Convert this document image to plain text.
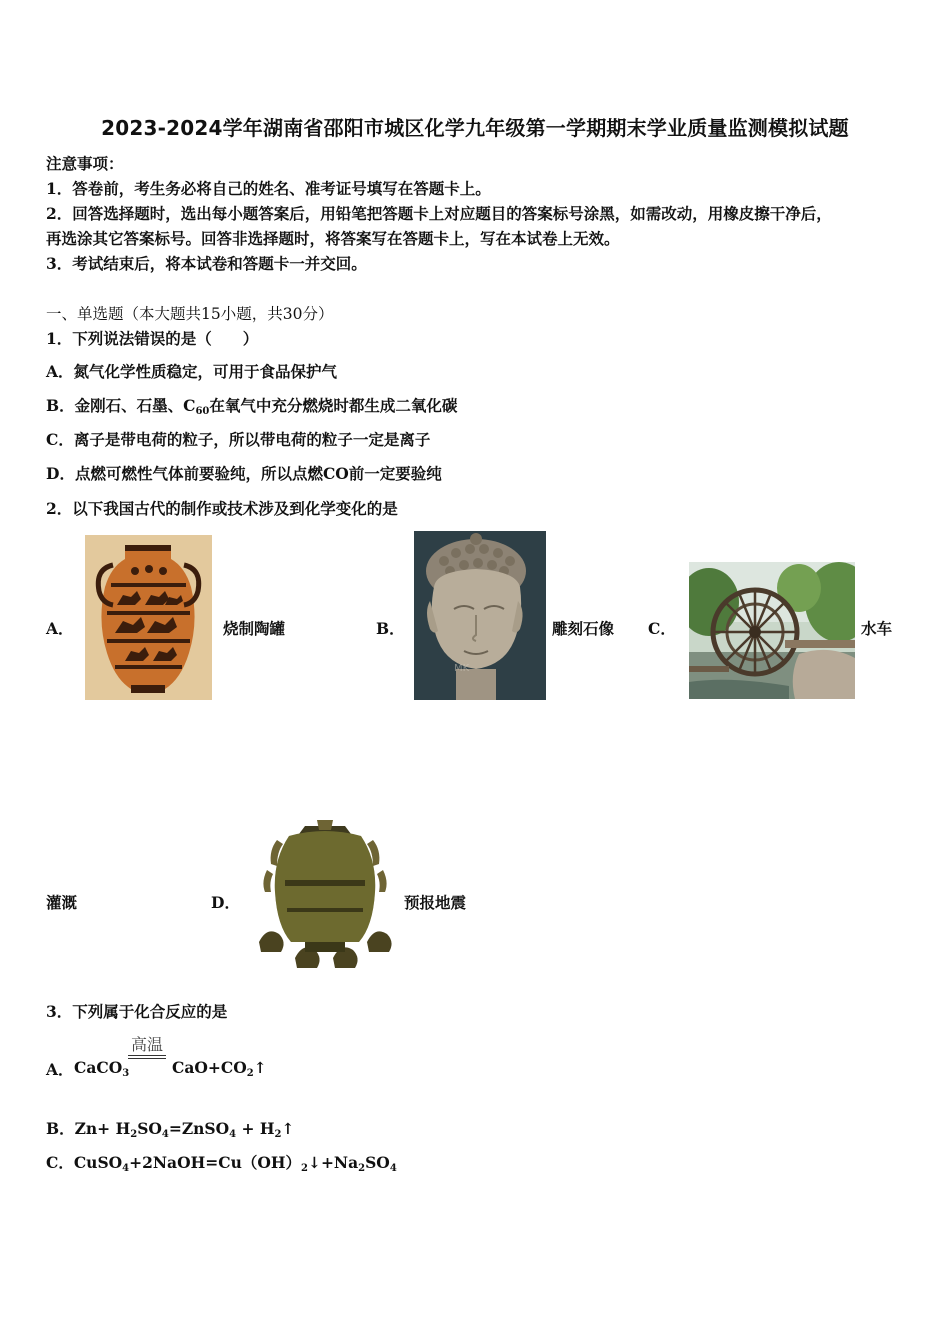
2023-2024学年湖南省邵阳市城区化学九年级第一学期期末学业质量监测模拟试题
注意事项：
1．答卷前，考生务必将自己的姓名、准考证号填写在答题卡上。
2．回答选择题时，选出每小题答案后，用铅笔把答题卡上对应题目的答案标号涂黑，如需改动，用橡皮擦干净后，
再选涂其它答案标号。回答非选择题时，将答案写在答题卡上，写在本试卷上无效。
3．考试结束后，将本试卷和答题卡一并交回。
一、单选题（本大题共15小题，共30分）
1．下列说法错误的是（　　）
A．氮气化学性质稳定，可用于食品保护气
B．金刚石、石墨、$C_{60}$在氧气中充分燃烧时都生成二氧化碳
C．离子是带电荷的粒子，所以带电荷的粒子一定是离子
D．点燃可燃性气体前要验纯，所以点燃CO前一定要验纯
2．以下我国古代的制作或技术涉及到化学变化的是
A．	烧制陶罐	B．
MK
雕刻石像 C．	水车
灌溉	D．	预报地震
3．下列属于化合反应的是
A． CaCO$_3$
高温
$CaO+CO_2↑$
B．$Zn+ H_2SO_4=ZnSO_4$ + $H_2↑$
C．$CuSO_4+2NaOH=Cu(OH)_2↓+Na_2SO_4$
